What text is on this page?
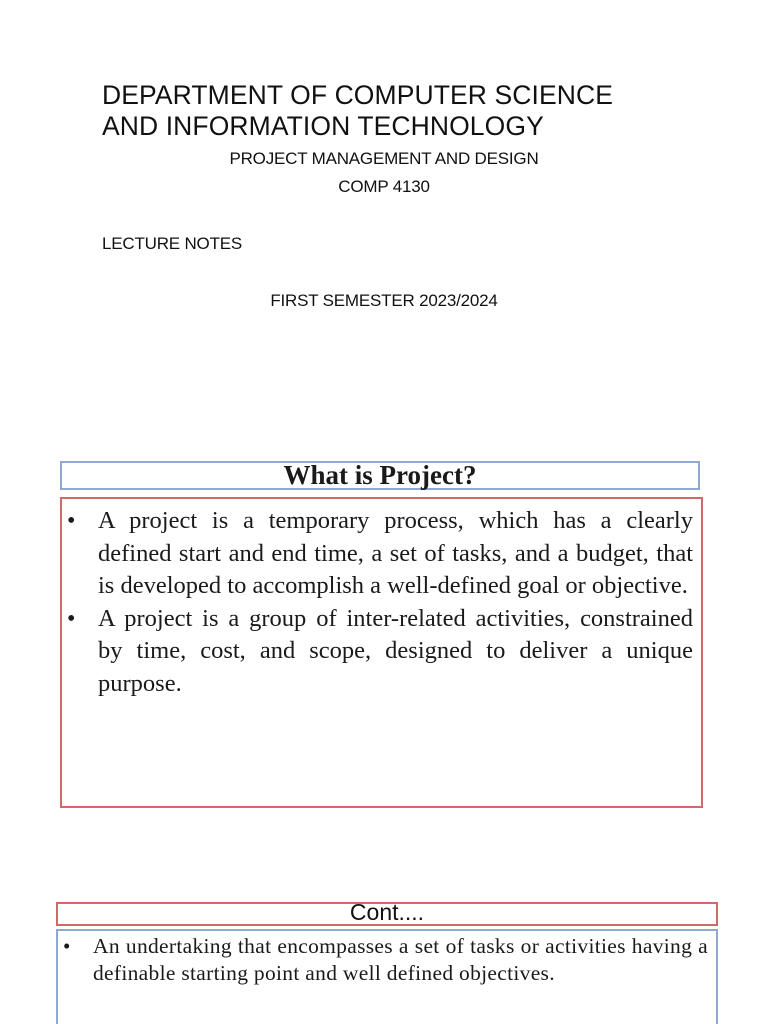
DEPARTMENT OF COMPUTER SCIENCE
AND INFORMATION TECHNOLOGY
PROJECT MANAGEMENT AND DESIGN
COMP 4130
LECTURE NOTES
FIRST SEMESTER 2023/2024
What is Project?
• A project is a temporary process, which has a clearly defined start and end time, a set of tasks, and a budget, that is developed to accomplish a well-defined goal or objective.
• A project is a group of inter-related activities, constrained by time, cost, and scope, designed to deliver a unique purpose.
Cont....
•	An undertaking that encompasses a set of tasks or activities having a definable starting point and well defined objectives.
